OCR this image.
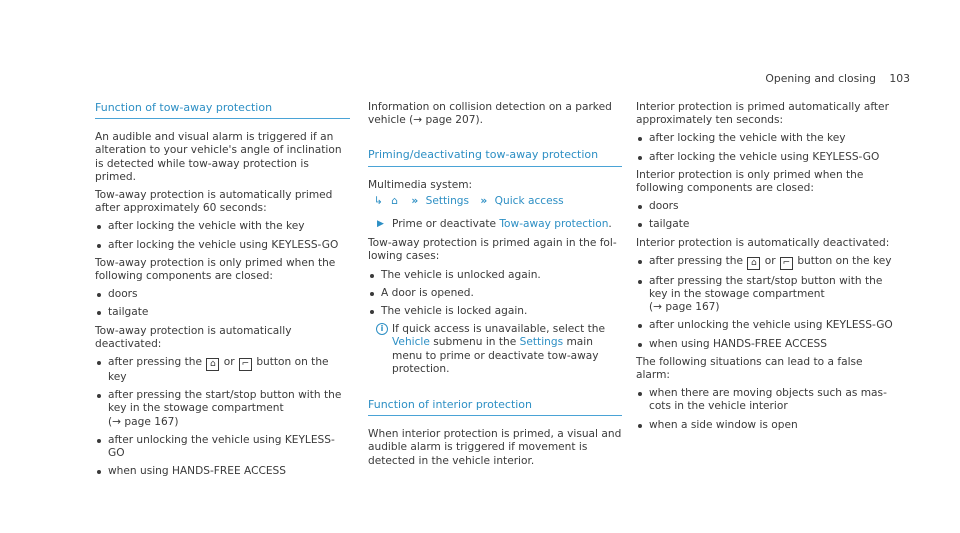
Opening and closing 103
Function of tow-away protection

An audible and visual alarm is triggered if an alteration to your vehicle's angle of inclination is detected while tow-away protection is primed.

Tow-away protection is automatically primed after approximately 60 seconds:

after locking the vehicle with the key
after locking the vehicle using KEYLESS-GO

Tow-away protection is only primed when the following components are closed:

doors
tailgate

Tow-away protection is automatically deactivated:

after pressing the ⌂ or ⌐ button on the key
after pressing the start/stop button with the key in the stowage compartment
(→ page 167)
after unlocking the vehicle using KEYLESS-GO
when using HANDS-FREE ACCESS

Information on collision detection on a parked vehicle (→ page 207).

Priming/deactivating tow-away protection

Multimedia system:

↳ ⌂ » Settings » Quick access
▶ Prime or deactivate Tow-away protection.

Tow-away protection is primed again in the following cases:

The vehicle is unlocked again.
A door is opened.
The vehicle is locked again.
i If quick access is unavailable, select the Vehicle submenu in the Settings main menu to prime or deactivate tow-away protection.
Function of interior protection

When interior protection is primed, a visual and audible alarm is triggered if movement is detected in the vehicle interior.

Interior protection is primed automatically after approximately ten seconds:

after locking the vehicle with the key
after locking the vehicle using KEYLESS-GO

Interior protection is only primed when the following components are closed:

doors
tailgate

Interior protection is automatically deactivated:

after pressing the ⌂ or ⌐ button on the key
after pressing the start/stop button with the key in the stowage compartment
(→ page 167)
after unlocking the vehicle using KEYLESS-GO
when using HANDS-FREE ACCESS

The following situations can lead to a false alarm:

when there are moving objects such as mascots in the vehicle interior
when a side window is open
